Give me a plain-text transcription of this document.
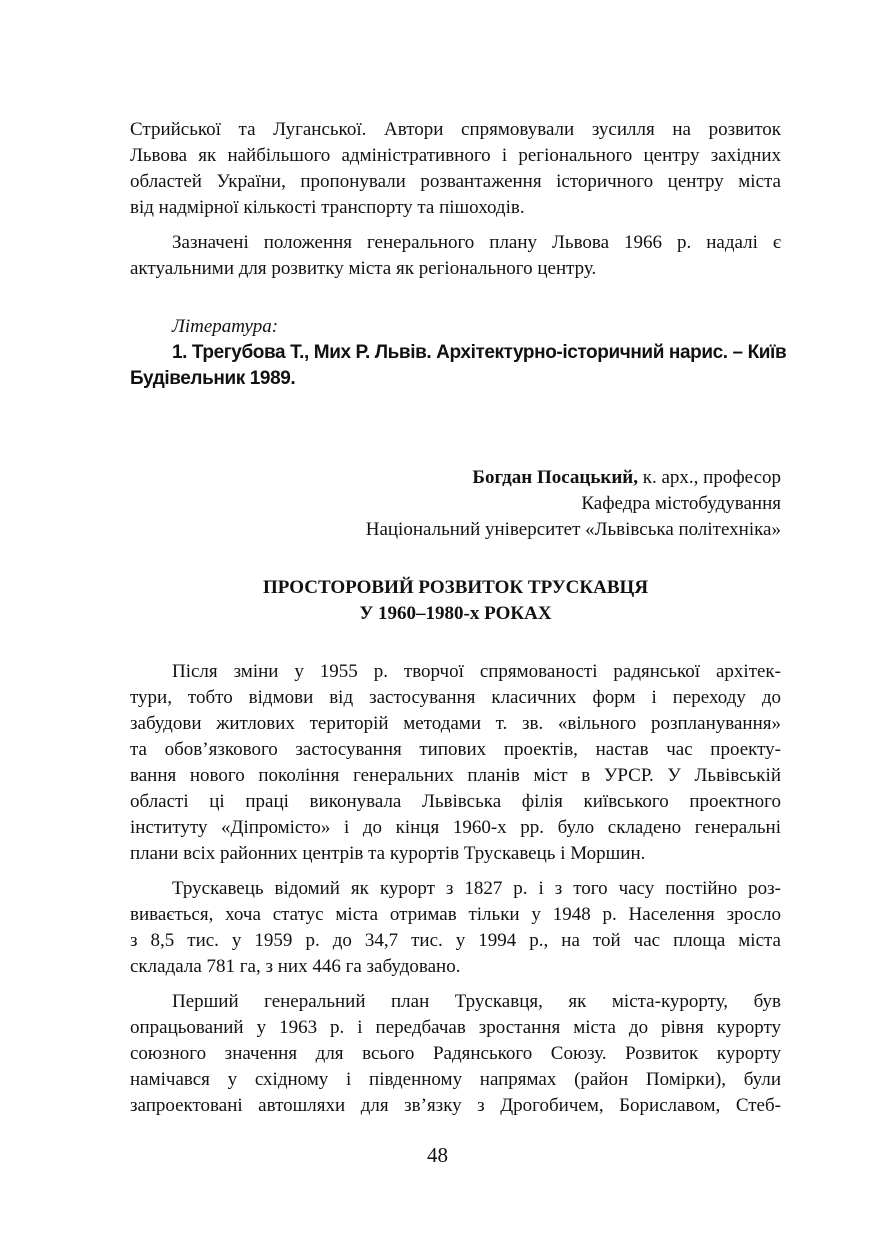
Стрийської та Луганської. Автори спрямовували зусилля на розвиток
Львова як найбільшого адміністративного і регіонального центру західних
областей України, пропонували розвантаження історичного центру міста
від надмірної кількості транспорту та пішоходів.
Зазначені положення генерального плану Львова 1966 р. надалі є
актуальними для розвитку міста як регіонального центру.
Література:
1. Трегубова Т., Мих Р. Львів. Архітектурно-історичний нарис. – Київ
Будівельник 1989.
Богдан Посацький, к. арх., професор
Кафедра містобудування
Національний університет «Львівська політехніка»
ПРОСТОРОВИЙ РОЗВИТОК ТРУСКАВЦЯ
У 1960–1980-х РОКАХ
Після зміни у 1955 р. творчої спрямованості радянської архітек-
тури, тобто відмови від застосування класичних форм і переходу до
забудови житлових територій методами т. зв. «вільного розпланування»
та обов’язкового застосування типових проектів, настав час проекту-
вання нового покоління генеральних планів міст в УРСР. У Львівській
області ці праці виконувала Львівська філія київського проектного
інституту «Діпромісто» і до кінця 1960-х рр. було складено генеральні
плани всіх районних центрів та курортів Трускавець і Моршин.
Трускавець відомий як курорт з 1827 р. і з того часу постійно роз-
вивається, хоча статус міста отримав тільки у 1948 р. Населення зросло
з 8,5 тис. у 1959 р. до 34,7 тис. у 1994 р., на той час площа міста
складала 781 га, з них 446 га забудовано.
Перший генеральний план Трускавця, як міста-курорту, був
опрацьований у 1963 р. і передбачав зростання міста до рівня курорту
союзного значення для всього Радянського Союзу. Розвиток курорту
намічався у східному і південному напрямах (район Помірки), були
запроектовані автошляхи для зв’язку з Дрогобичем, Бориславом, Стеб-
48
